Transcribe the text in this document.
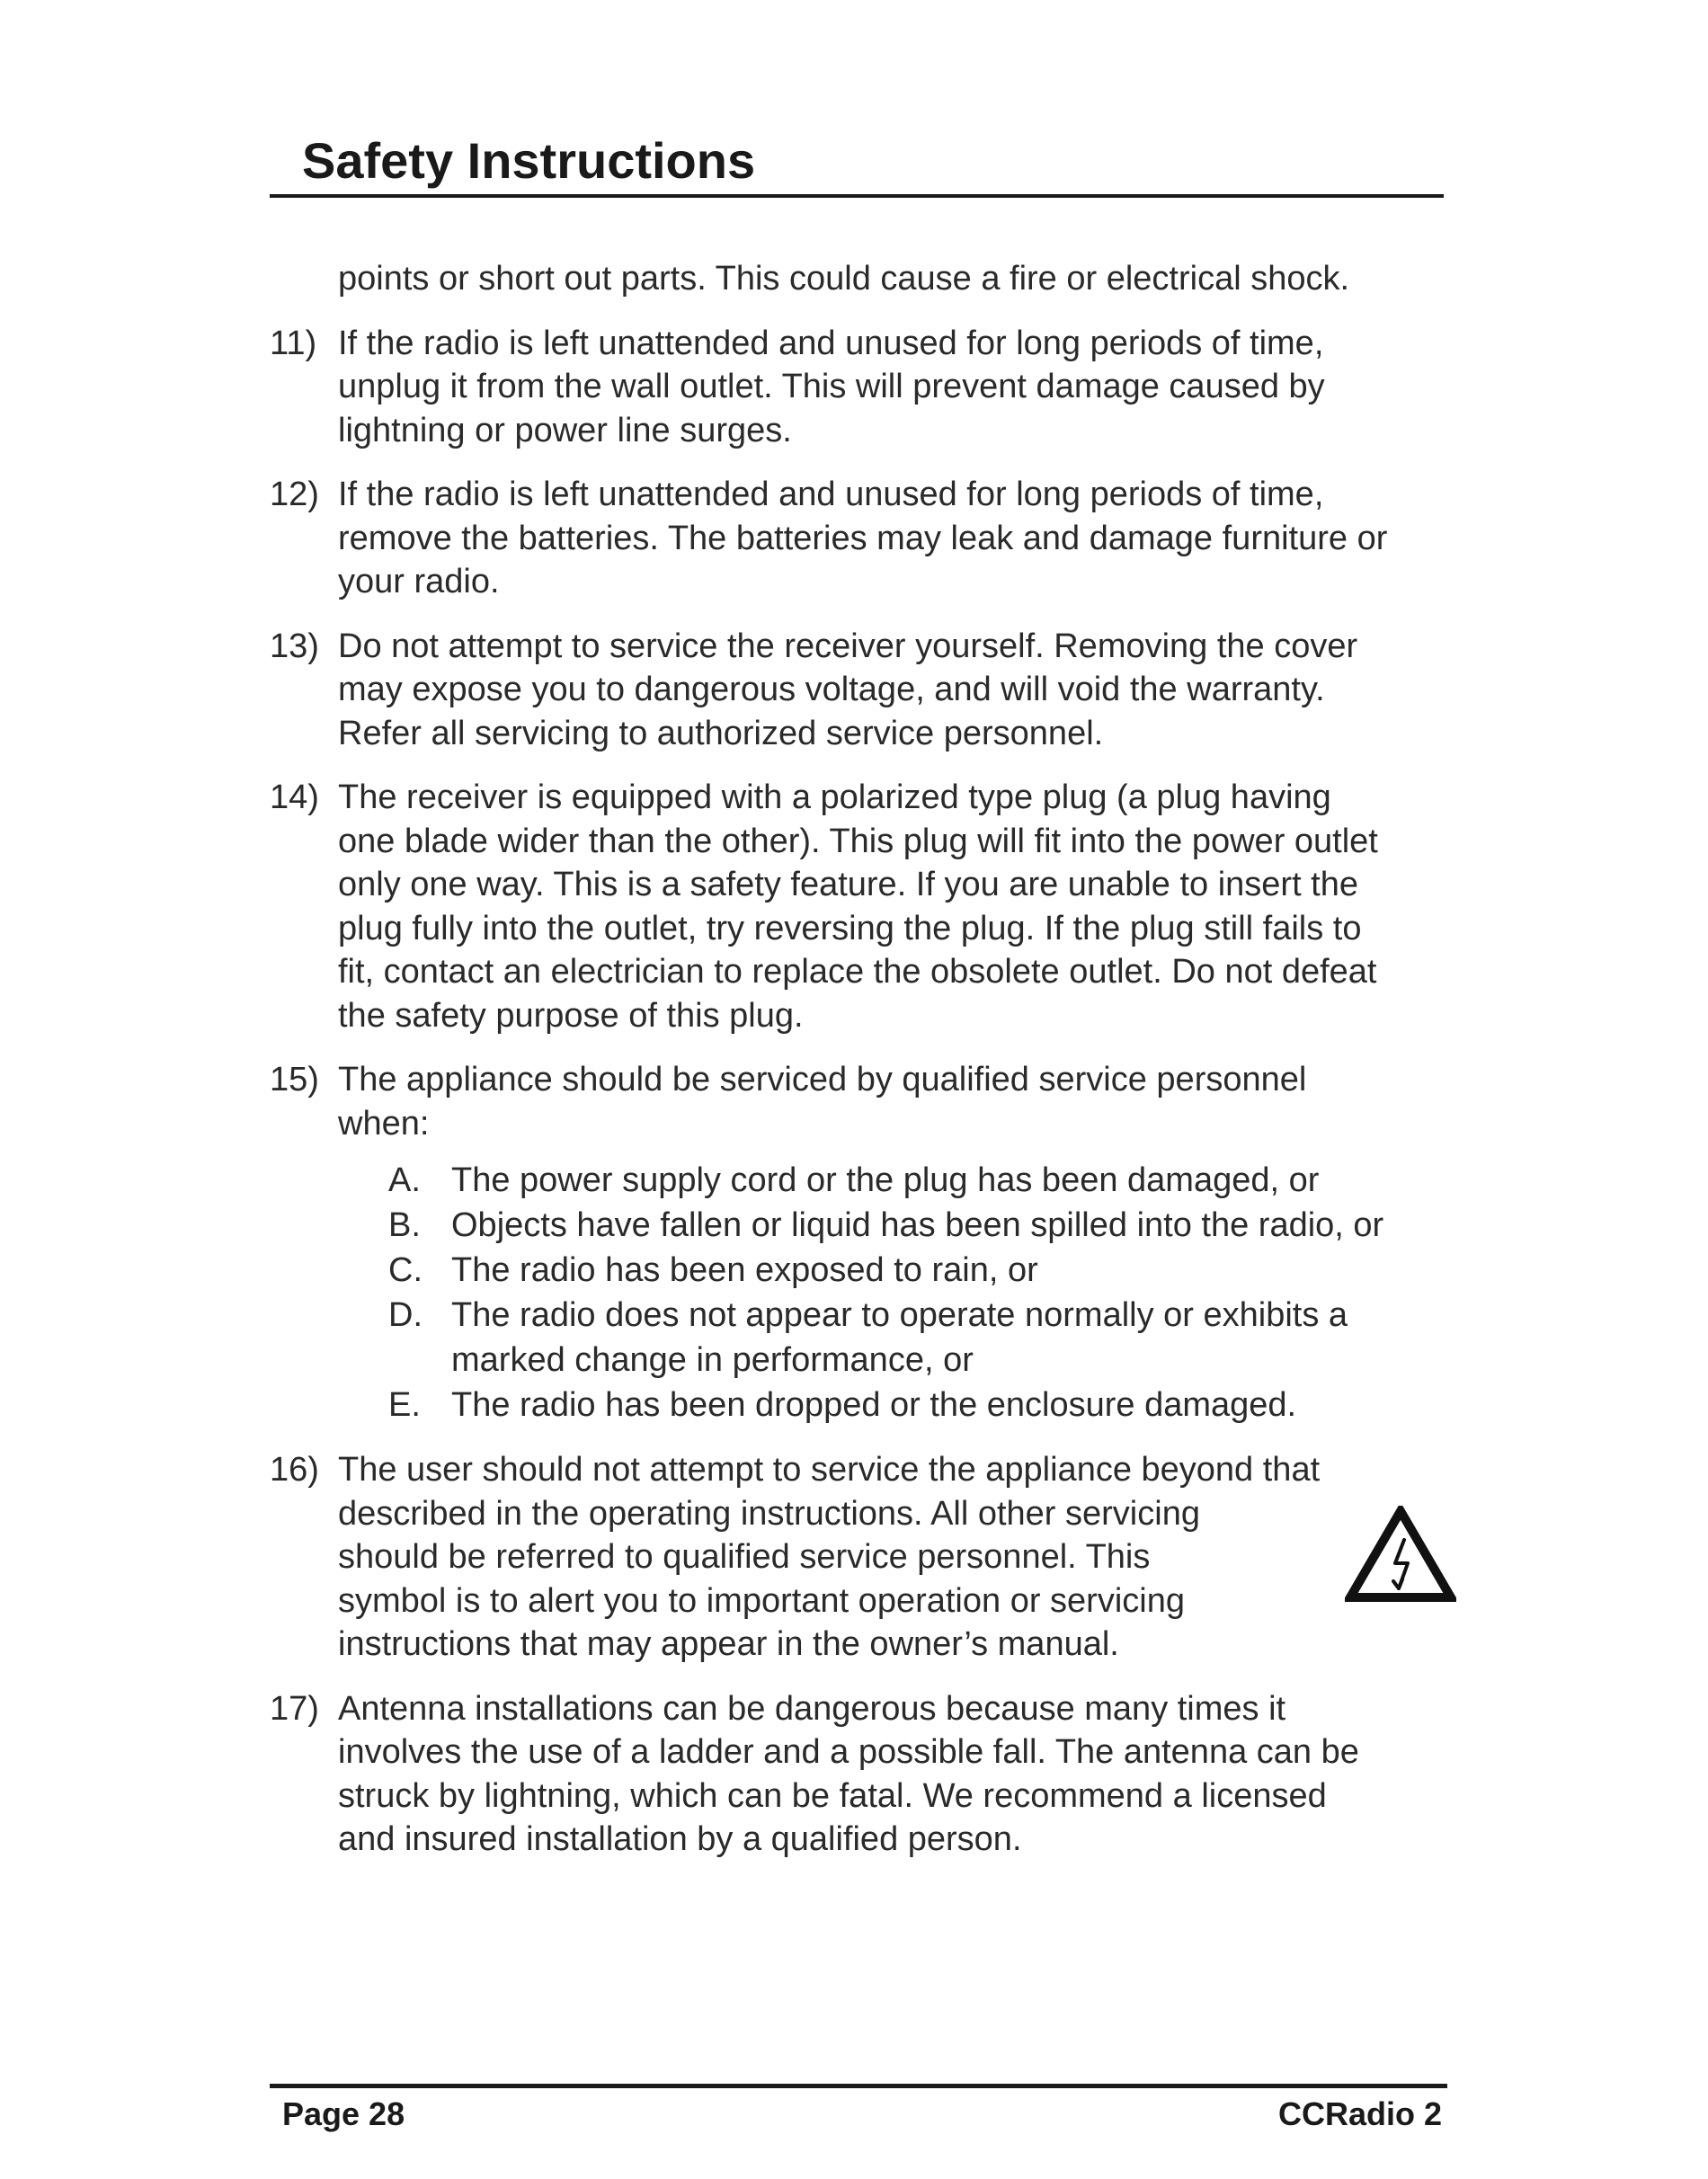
Safety Instructions
points or short out parts. This could cause a fire or electrical shock.
11) If the radio is left unattended and unused for long periods of time,
unplug it from the wall outlet. This will prevent damage caused by
lightning or power line surges.
12) If the radio is left unattended and unused for long periods of time,
remove the batteries. The batteries may leak and damage furniture or
your radio.
13) Do not attempt to service the receiver yourself. Removing the cover
may expose you to dangerous voltage, and will void the warranty.
Refer all servicing to authorized service personnel.
14) The receiver is equipped with a polarized type plug (a plug having
one blade wider than the other). This plug will fit into the power outlet
only one way. This is a safety feature. If you are unable to insert the
plug fully into the outlet, try reversing the plug. If the plug still fails to
fit, contact an electrician to replace the obsolete outlet. Do not defeat
the safety purpose of this plug.
15) The appliance should be serviced by qualified service personnel
when:
A. The power supply cord or the plug has been damaged, or
B. Objects have fallen or liquid has been spilled into the radio, or
C. The radio has been exposed to rain, or
D. The radio does not appear to operate normally or exhibits a
marked change in performance, or
E. The radio has been dropped or the enclosure damaged.
16) The user should not attempt to service the appliance beyond that
described in the operating instructions. All other servicing
should be referred to qualified service personnel. This
symbol is to alert you to important operation or servicing
instructions that may appear in the owner’s manual.
17) Antenna installations can be dangerous because many times it
involves the use of a ladder and a possible fall. The antenna can be
struck by lightning, which can be fatal. We recommend a licensed
and insured installation by a qualified person.
Page 28	CCRadio 2
